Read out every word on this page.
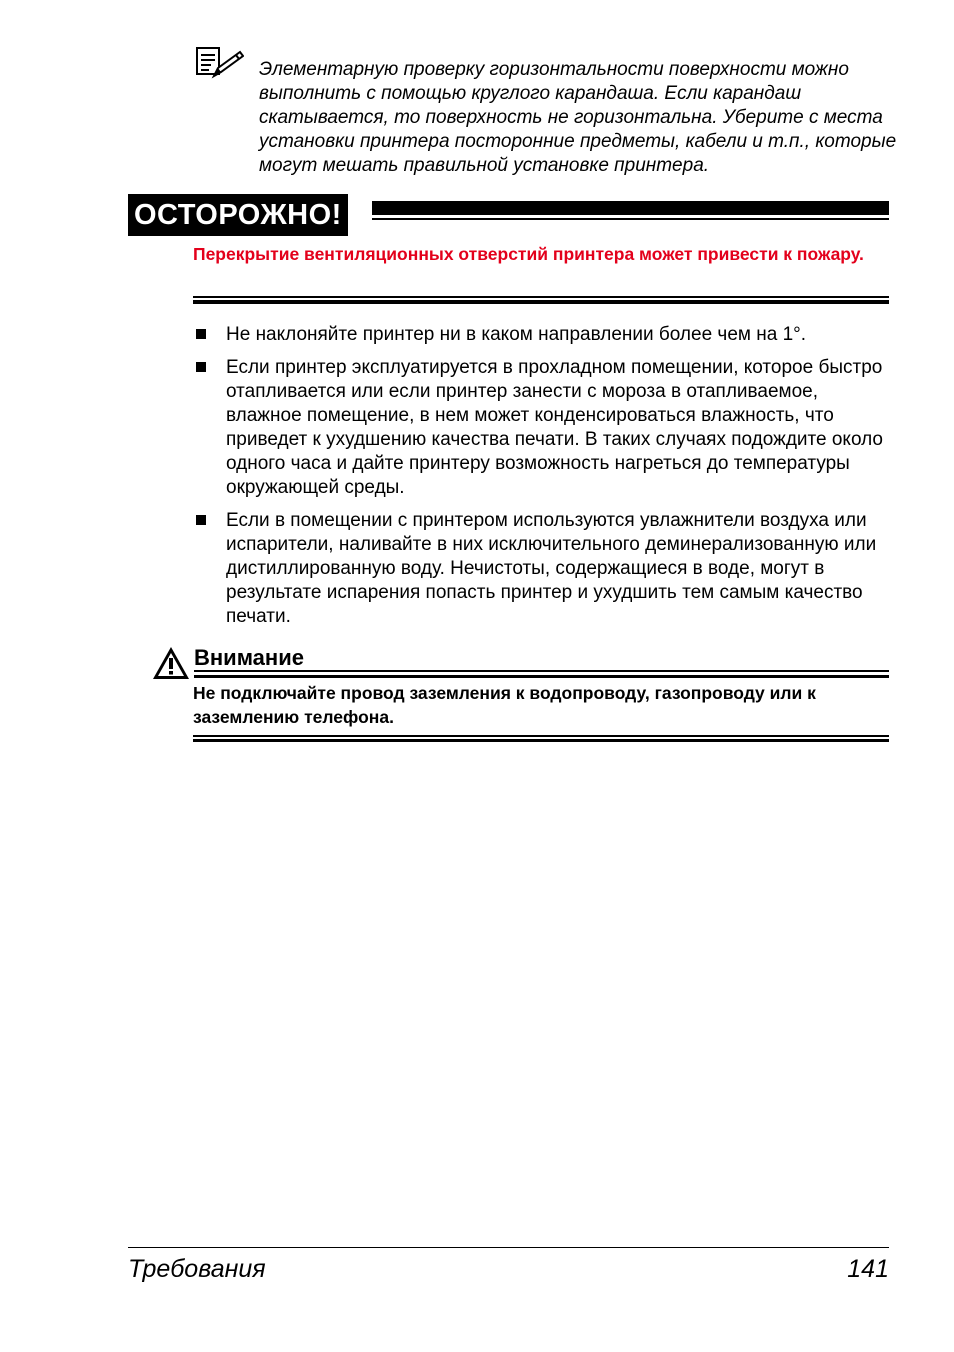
Элементарную проверку горизонтальности поверхности можно выполнить с помощью круглого карандаша. Если карандаш скатывается, то поверхность не горизонтальна. Уберите с места установки принтера посторонние предметы, кабели и т.п., которые могут мешать правильной установке принтера.
ОСТОРОЖНО!
Перекрытие вентиляционных отверстий принтера может привести к пожару.
Не наклоняйте принтер ни в каком направлении более чем на 1°.
Если принтер эксплуатируется в прохладном помещении, которое быстро отапливается или если принтер занести с мороза в отапливаемое, влажное помещение, в нем может конденсироваться влажность, что приведет к ухудшению качества печати. В таких случаях подождите около одного часа и дайте принтеру возможность нагреться до температуры окружающей среды.
Если в помещении с принтером используются увлажнители воздуха или испарители, наливайте в них исключительного деминерализованную или дистиллированную воду. Нечистоты, содержащиеся в воде, могут в результате испарения попасть принтер и ухудшить тем самым качество печати.
Внимание
Не подключайте провод заземления к водопроводу, газопроводу или к заземлению телефона.
Требования	141
